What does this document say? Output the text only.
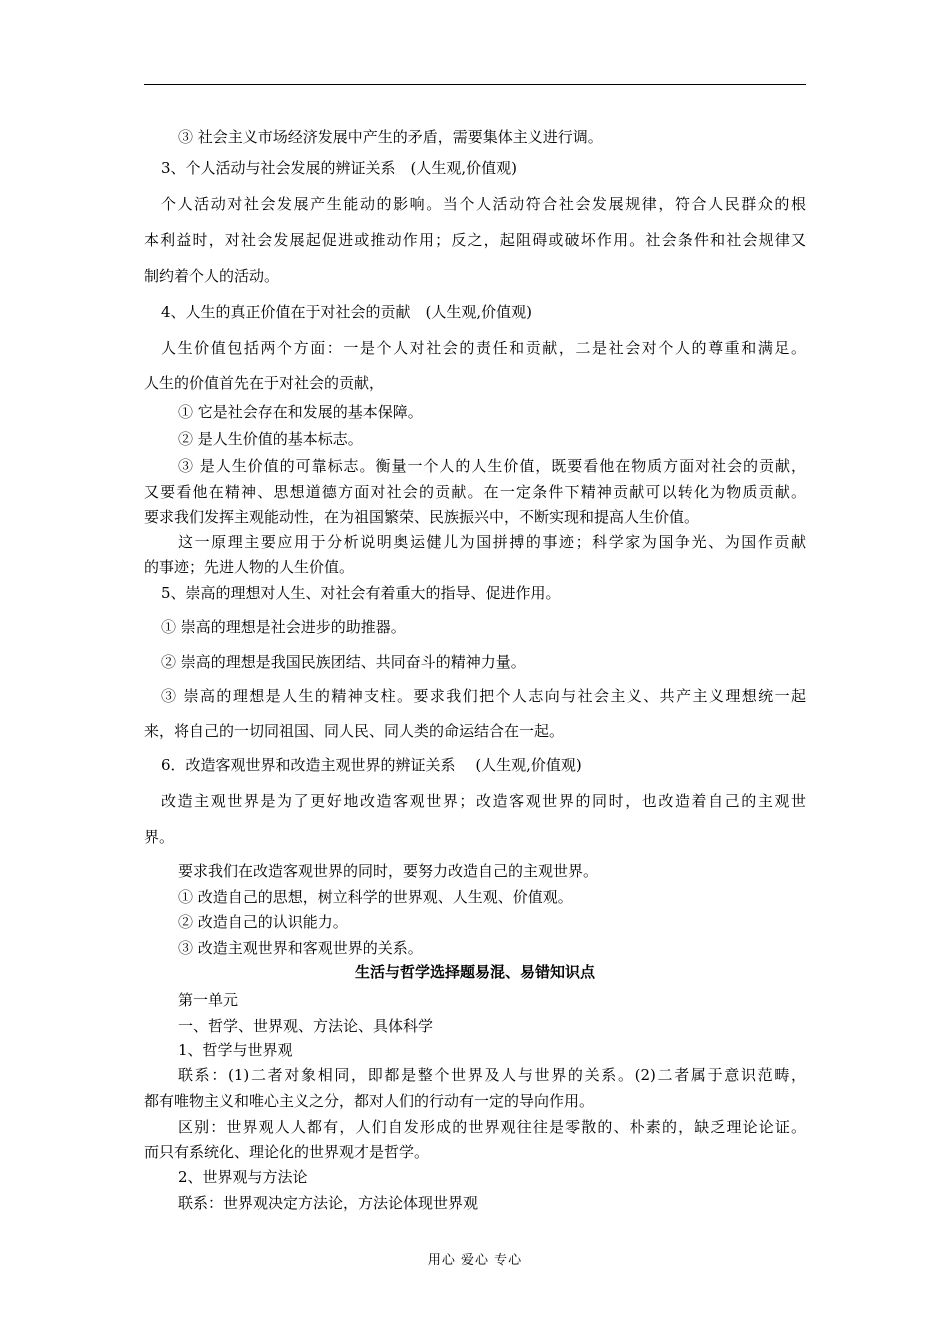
③ 社会主义市场经济发展中产生的矛盾，需要集体主义进行调。
3、个人活动与社会发展的辨证关系　(人生观,价值观)
个人活动对社会发展产生能动的影响。当个人活动符合社会发展规律，符合人民群众的根
本利益时，对社会发展起促进或推动作用；反之，起阻碍或破坏作用。社会条件和社会规律又
制约着个人的活动。
4、人生的真正价值在于对社会的贡献　(人生观,价值观)
人生价值包括两个方面：一是个人对社会的责任和贡献，二是社会对个人的尊重和满足。
人生的价值首先在于对社会的贡献，
① 它是社会存在和发展的基本保障。
② 是人生价值的基本标志。
③ 是人生价值的可靠标志。衡量一个人的人生价值，既要看他在物质方面对社会的贡献，
又要看他在精神、思想道德方面对社会的贡献。在一定条件下精神贡献可以转化为物质贡献。
要求我们发挥主观能动性，在为祖国繁荣、民族振兴中，不断实现和提高人生价值。
这一原理主要应用于分析说明奥运健儿为国拼搏的事迹；科学家为国争光、为国作贡献
的事迹；先进人物的人生价值。
5、崇高的理想对人生、对社会有着重大的指导、促进作用。
① 崇高的理想是社会进步的助推器。
② 崇高的理想是我国民族团结、共同奋斗的精神力量。
③ 崇高的理想是人生的精神支柱。要求我们把个人志向与社会主义、共产主义理想统一起
来，将自己的一切同祖国、同人民、同人类的命运结合在一起。
6．改造客观世界和改造主观世界的辨证关系　 (人生观,价值观)
改造主观世界是为了更好地改造客观世界；改造客观世界的同时，也改造着自己的主观世
界。
要求我们在改造客观世界的同时，要努力改造自己的主观世界。
① 改造自己的思想，树立科学的世界观、人生观、价值观。
② 改造自己的认识能力。
③ 改造主观世界和客观世界的关系。
生活与哲学选择题易混、易错知识点
第一单元
一、哲学、世界观、方法论、具体科学
1、哲学与世界观
联系：(1)二者对象相同，即都是整个世界及人与世界的关系。(2)二者属于意识范畴，
都有唯物主义和唯心主义之分，都对人们的行动有一定的导向作用。
区别：世界观人人都有，人们自发形成的世界观往往是零散的、朴素的，缺乏理论论证。
而只有系统化、理论化的世界观才是哲学。
2、世界观与方法论
联系：世界观决定方法论，方法论体现世界观
用心 爱心 专心
